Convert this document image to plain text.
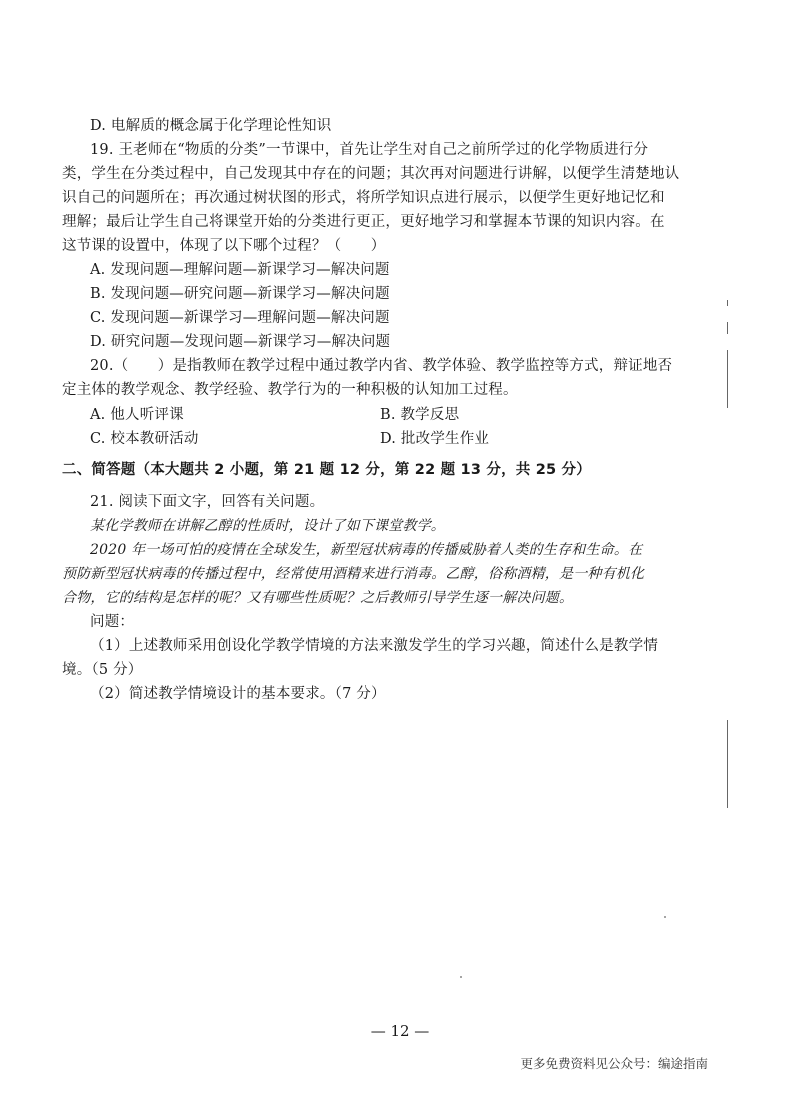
D. 电解质的概念属于化学理论性知识
19. 王老师在“物质的分类”一节课中，首先让学生对自己之前所学过的化学物质进行分
类，学生在分类过程中，自己发现其中存在的问题；其次再对问题进行讲解，以便学生清楚地认
识自己的问题所在；再次通过树状图的形式，将所学知识点进行展示，以便学生更好地记忆和
理解；最后让学生自己将课堂开始的分类进行更正，更好地学习和掌握本节课的知识内容。在
这节课的设置中，体现了以下哪个过程？（　　）
A. 发现问题—理解问题—新课学习—解决问题
B. 发现问题—研究问题—新课学习—解决问题
C. 发现问题—新课学习—理解问题—解决问题
D. 研究问题—发现问题—新课学习—解决问题
20.（　　）是指教师在教学过程中通过教学内省、教学体验、教学监控等方式，辩证地否
定主体的教学观念、教学经验、教学行为的一种积极的认知加工过程。
A. 他人听评课	B. 教学反思
C. 校本教研活动	D. 批改学生作业
二、简答题（本大题共 2 小题，第 21 题 12 分，第 22 题 13 分，共 25 分）
21. 阅读下面文字，回答有关问题。
某化学教师在讲解乙醇的性质时，设计了如下课堂教学。
2020 年一场可怕的疫情在全球发生，新型冠状病毒的传播威胁着人类的生存和生命。在
预防新型冠状病毒的传播过程中，经常使用酒精来进行消毒。乙醇，俗称酒精，是一种有机化
合物，它的结构是怎样的呢？又有哪些性质呢？之后教师引导学生逐一解决问题。
问题：
（1）上述教师采用创设化学教学情境的方法来激发学生的学习兴趣，简述什么是教学情
境。（5 分）
（2）简述教学情境设计的基本要求。（7 分）
— 12 —
更多免费资料见公众号：编途指南
